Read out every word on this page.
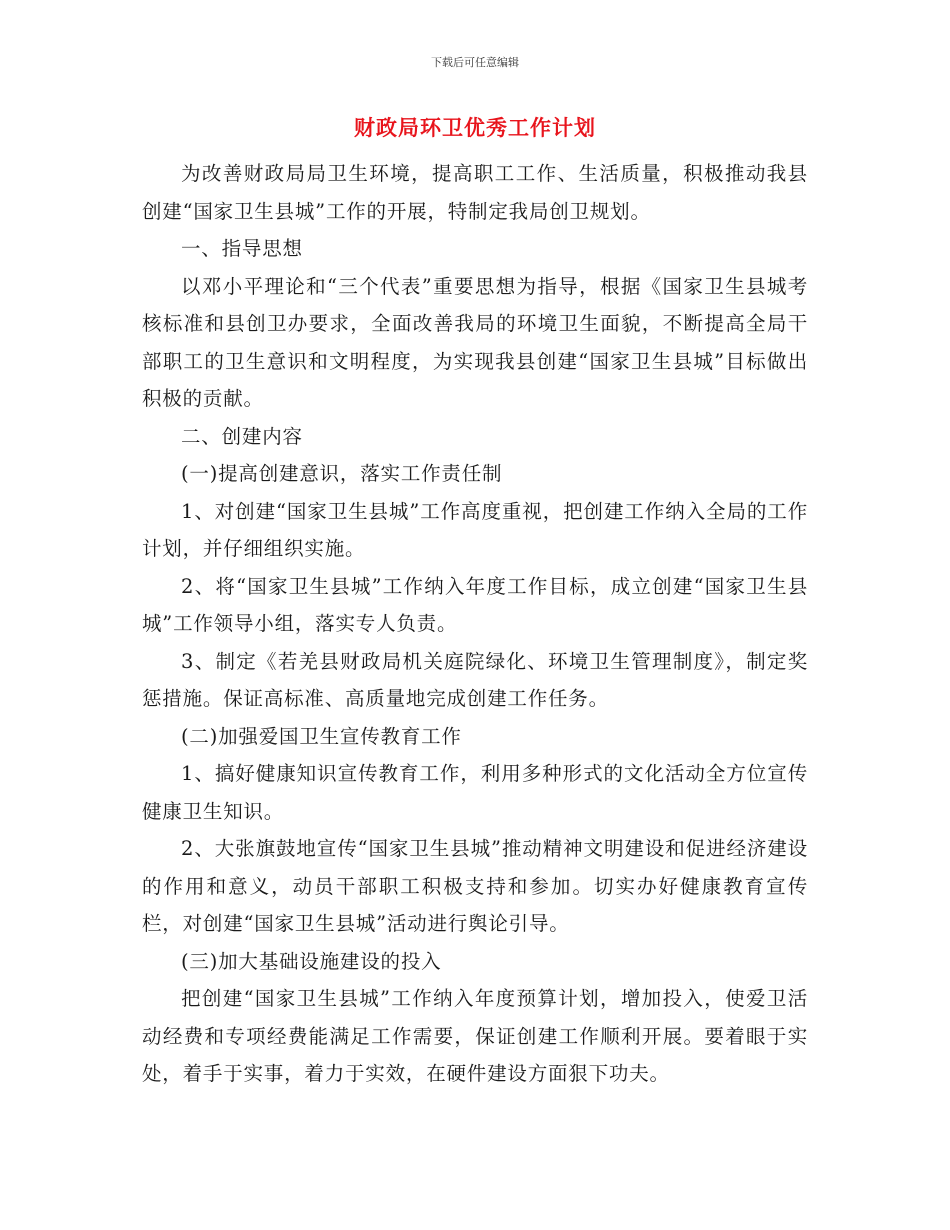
下载后可任意编辑
财政局环卫优秀工作计划

为改善财政局局卫生环境，提高职工工作、生活质量，积极推动我县创建“国家卫生县城”工作的开展，特制定我局创卫规划。

一、指导思想

以邓小平理论和“三个代表”重要思想为指导，根据《国家卫生县城考核标准和县创卫办要求，全面改善我局的环境卫生面貌，不断提高全局干部职工的卫生意识和文明程度，为实现我县创建“国家卫生县城”目标做出积极的贡献。

二、创建内容

(一)提高创建意识，落实工作责任制

1、对创建“国家卫生县城”工作高度重视，把创建工作纳入全局的工作计划，并仔细组织实施。

2、将“国家卫生县城”工作纳入年度工作目标，成立创建“国家卫生县城”工作领导小组，落实专人负责。

3、制定《若羌县财政局机关庭院绿化、环境卫生管理制度》，制定奖惩措施。保证高标准、高质量地完成创建工作任务。

(二)加强爱国卫生宣传教育工作

1、搞好健康知识宣传教育工作，利用多种形式的文化活动全方位宣传健康卫生知识。

2、大张旗鼓地宣传“国家卫生县城”推动精神文明建设和促进经济建设的作用和意义，动员干部职工积极支持和参加。切实办好健康教育宣传栏，对创建“国家卫生县城”活动进行舆论引导。

(三)加大基础设施建设的投入

把创建“国家卫生县城”工作纳入年度预算计划，增加投入，使爱卫活动经费和专项经费能满足工作需要，保证创建工作顺利开展。要着眼于实处，着手于实事，着力于实效，在硬件建设方面狠下功夫。
